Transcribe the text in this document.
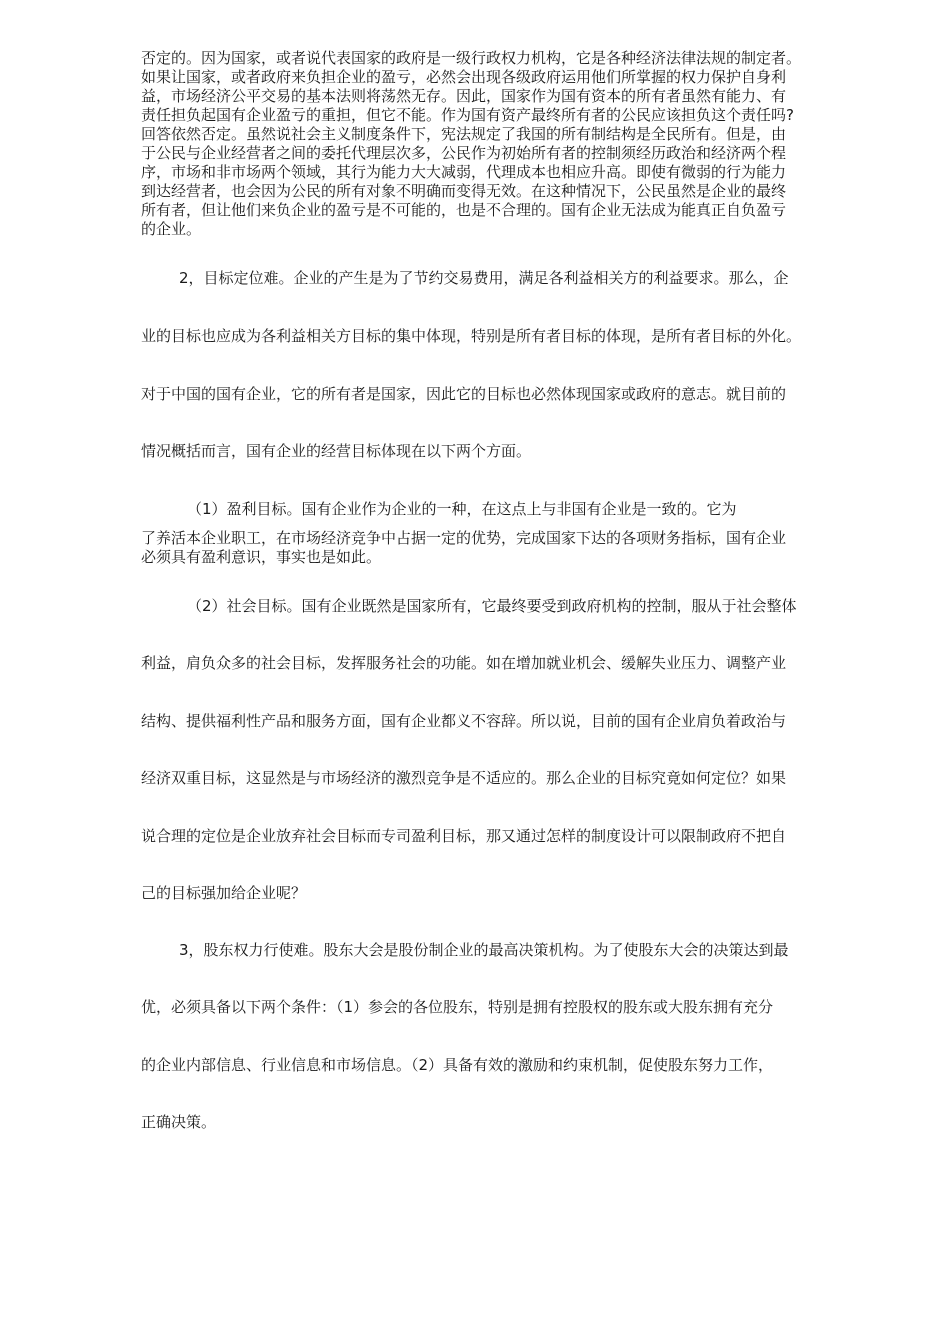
否定的。因为国家，或者说代表国家的政府是一级行政权力机构，它是各种经济法律法规的制定者。
如果让国家，或者政府来负担企业的盈亏，必然会出现各级政府运用他们所掌握的权力保护自身利
益，市场经济公平交易的基本法则将荡然无存。因此，国家作为国有资本的所有者虽然有能力、有
责任担负起国有企业盈亏的重担，但它不能。作为国有资产最终所有者的公民应该担负这个责任吗?
回答依然否定。虽然说社会主义制度条件下，宪法规定了我国的所有制结构是全民所有。但是，由
于公民与企业经营者之间的委托代理层次多，公民作为初始所有者的控制须经历政治和经济两个程
序，市场和非市场两个领域，其行为能力大大减弱，代理成本也相应升高。即使有微弱的行为能力
到达经营者，也会因为公民的所有对象不明确而变得无效。在这种情况下，公民虽然是企业的最终
所有者，但让他们来负企业的盈亏是不可能的，也是不合理的。国有企业无法成为能真正自负盈亏
的企业。
2，目标定位难。企业的产生是为了节约交易费用，满足各利益相关方的利益要求。那么，企
业的目标也应成为各利益相关方目标的集中体现，特别是所有者目标的体现，是所有者目标的外化。
对于中国的国有企业，它的所有者是国家，因此它的目标也必然体现国家或政府的意志。就目前的
情况概括而言，国有企业的经营目标体现在以下两个方面。
（1）盈利目标。国有企业作为企业的一种，在这点上与非国有企业是一致的。它为
了养活本企业职工，在市场经济竞争中占据一定的优势，完成国家下达的各项财务指标，国有企业
必须具有盈利意识，事实也是如此。
（2）社会目标。国有企业既然是国家所有，它最终要受到政府机构的控制，服从于社会整体
利益，肩负众多的社会目标，发挥服务社会的功能。如在增加就业机会、缓解失业压力、调整产业
结构、提供福利性产品和服务方面，国有企业都义不容辞。所以说，目前的国有企业肩负着政治与
经济双重目标，这显然是与市场经济的激烈竞争是不适应的。那么企业的目标究竟如何定位？如果
说合理的定位是企业放弃社会目标而专司盈利目标，那又通过怎样的制度设计可以限制政府不把自
己的目标强加给企业呢？
3，股东权力行使难。股东大会是股份制企业的最高决策机构。为了使股东大会的决策达到最
优，必须具备以下两个条件：（1）参会的各位股东，特别是拥有控股权的股东或大股东拥有充分
的企业内部信息、行业信息和市场信息。（2）具备有效的激励和约束机制，促使股东努力工作，
正确决策。
